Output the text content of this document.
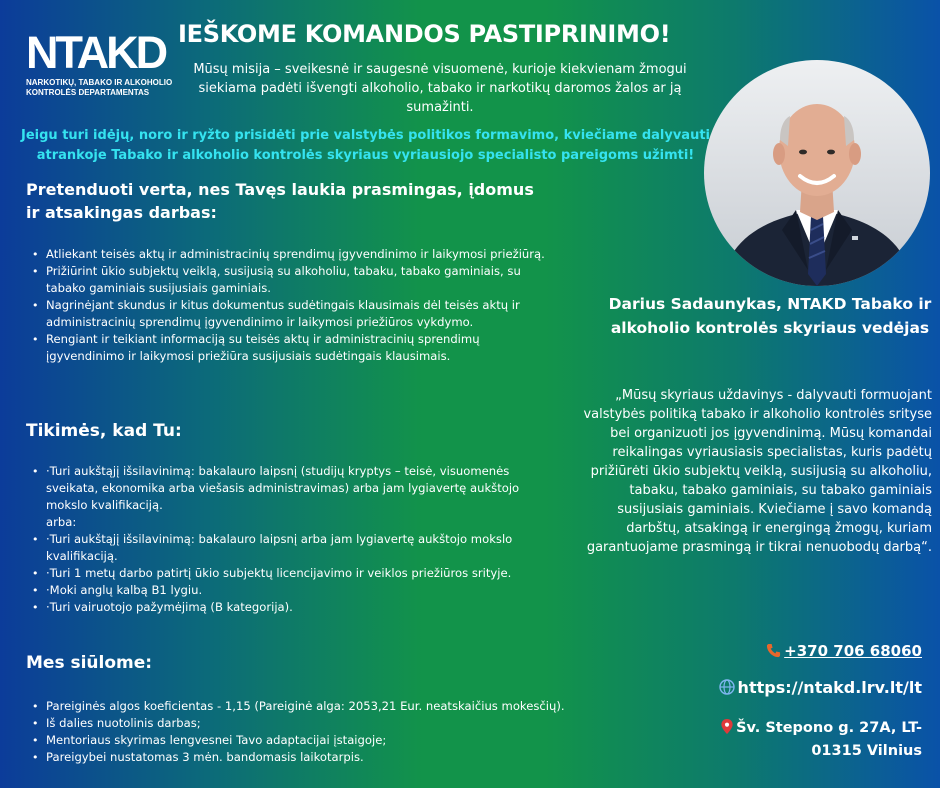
NTAKD
NARKOTIKŲ, TABAKO IR ALKOHOLIO
KONTROLĖS DEPARTAMENTAS
IEŠKOME KOMANDOS PASTIPRINIMO!
Mūsų misija – sveikesnė ir saugesnė visuomenė, kurioje kiekvienam žmogui siekiama padėti išvengti alkoholio, tabako ir narkotikų daromos žalos ar ją sumažinti.
Jeigu turi idėjų, noro ir ryžto prisidėti prie valstybės politikos formavimo, kviečiame dalyvauti atrankoje Tabako ir alkoholio kontrolės skyriaus vyriausiojo specialisto pareigoms užimti!
Pretenduoti verta, nes Tavęs laukia prasmingas, įdomus ir atsakingas darbas:
• Atliekant teisės aktų ir administracinių sprendimų įgyvendinimo ir laikymosi priežiūrą.
• Prižiūrint ūkio subjektų veiklą, susijusią su alkoholiu, tabaku, tabako gaminiais, su tabako gaminiais susijusiais gaminiais.
• Nagrinėjant skundus ir kitus dokumentus sudėtingais klausimais dėl teisės aktų ir administracinių sprendimų įgyvendinimo ir laikymosi priežiūros vykdymo.
• Rengiant ir teikiant informaciją su teisės aktų ir administracinių sprendimų įgyvendinimo ir laikymosi priežiūra susijusiais sudėtingais klausimais.
Tikimės, kad Tu:
• ·Turi aukštąjį išsilavinimą: bakalauro laipsnį (studijų kryptys – teisė, visuomenės sveikata, ekonomika arba viešasis administravimas) arba jam lygiavertę aukštojo mokslo kvalifikaciją.
arba:
• ·Turi aukštąjį išsilavinimą: bakalauro laipsnį arba jam lygiavertę aukštojo mokslo kvalifikaciją.
• ·Turi 1 metų darbo patirtį ūkio subjektų licencijavimo ir veiklos priežiūros srityje.
• ·Moki anglų kalbą B1 lygiu.
• ·Turi vairuotojo pažymėjimą (B kategorija).
Mes siūlome:
• Pareiginės algos koeficientas - 1,15 (Pareiginė alga: 2053,21 Eur. neatskaičius mokesčių).
• Iš dalies nuotolinis darbas;
• Mentoriaus skyrimas lengvesnei Tavo adaptacijai įstaigoje;
• Pareigybei nustatomas 3 mėn. bandomasis laikotarpis.
Darius Sadaunykas, NTAKD Tabako ir alkoholio kontrolės skyriaus vedėjas
„Mūsų skyriaus uždavinys - dalyvauti formuojant valstybės politiką tabako ir alkoholio kontrolės srityse bei organizuoti jos įgyvendinimą. Mūsų komandai reikalingas vyriausiasis specialistas, kuris padėtų prižiūrėti ūkio subjektų veiklą, susijusią su alkoholiu, tabaku, tabako gaminiais, su tabako gaminiais susijusiais gaminiais. Kviečiame į savo komandą darbštų, atsakingą ir energingą žmogų, kuriam garantuojame prasmingą ir tikrai nenuobodų darbą“.
+370 706 68060
https://ntakd.lrv.lt/lt
Šv. Stepono g. 27A, LT-01315 Vilnius
